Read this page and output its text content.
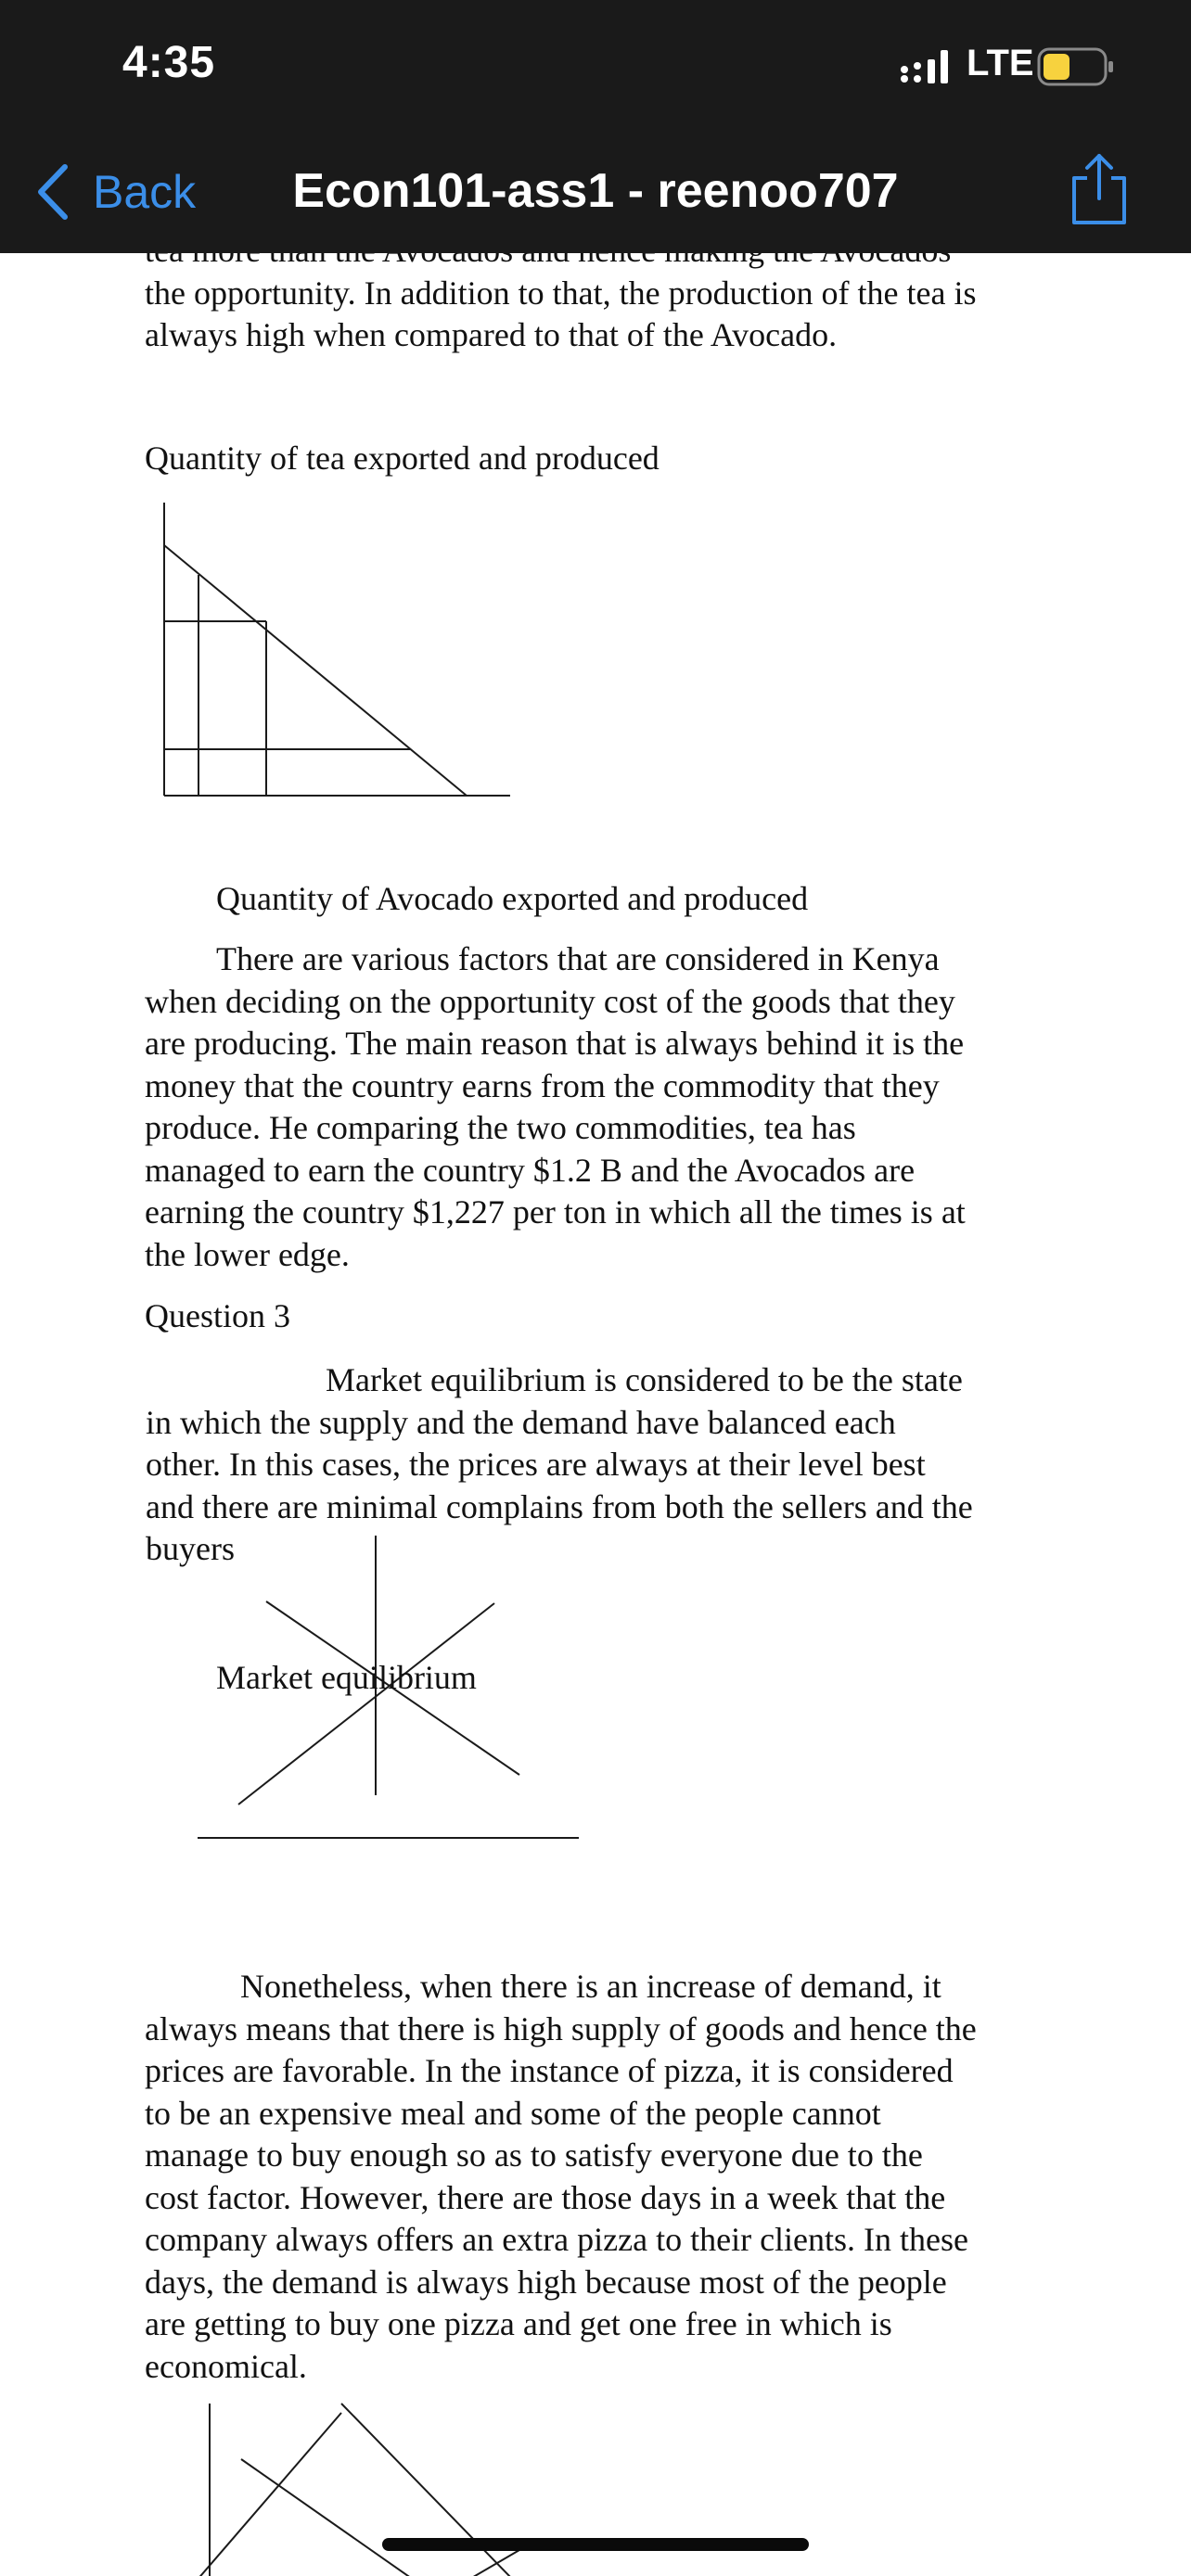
the opportunity. In addition to that, the production of the tea is
always high when compared to that of the Avocado.
Quantity of tea exported and produced
Quantity of Avocado exported and produced
There are various factors that are considered in Kenya
when deciding on the opportunity cost of the goods that they
are producing. The main reason that is always behind it is the
money that the country earns from the commodity that they
produce. He comparing the two commodities, tea has
managed to earn the country $1.2 B and the Avocados are
earning the country $1,227 per ton in which all the times is at
the lower edge.
Question 3
Market equilibrium is considered to be the state
in which the supply and the demand have balanced each
other. In this cases, the prices are always at their level best
and there are minimal complains from both the sellers and the
buyers
Market equilibrium
Nonetheless, when there is an increase of demand, it
always means that there is high supply of goods and hence the
prices are favorable. In the instance of pizza, it is considered
to be an expensive meal and some of the people cannot
manage to buy enough so as to satisfy everyone due to the
cost factor. However, there are those days in a week that the
company always offers an extra pizza to their clients. In these
days, the demand is always high because most of the people
are getting to buy one pizza and get one free in which is
economical.
4:35	LTE
Back	Econ101-ass1 - reenoo707
